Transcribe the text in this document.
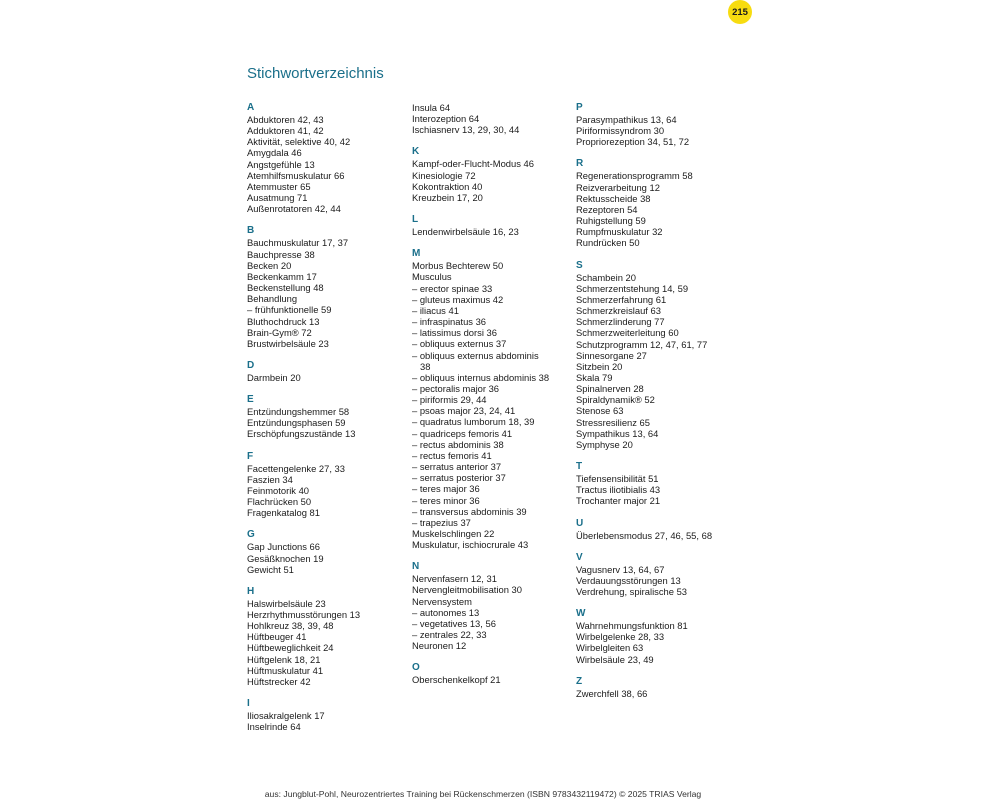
215
Stichwortverzeichnis
A
Abduktoren 42, 43
Adduktoren 41, 42
Aktivität, selektive 40, 42
Amygdala 46
Angstgefühle 13
Atemhilfsmuskulatur 66
Atemmuster 65
Ausatmung 71
Außenrotatoren 42, 44
B
Bauchmuskulatur 17, 37
Bauchpresse 38
Becken 20
Beckenkamm 17
Beckenstellung 48
Behandlung
– frühfunktionelle 59
Bluthochdruck 13
Brain-Gym® 72
Brustwirbelsäule 23
D
Darmbein 20
E
Entzündungshemmer 58
Entzündungsphasen 59
Erschöpfungszustände 13
F
Facettengelenke 27, 33
Faszien 34
Feinmotorik 40
Flachrücken 50
Fragenkatalog 81
G
Gap Junctions 66
Gesäßknochen 19
Gewicht 51
H
Halswirbelsäule 23
Herzrhythmusstörungen 13
Hohlkreuz 38, 39, 48
Hüftbeuger 41
Hüftbeweglichkeit 24
Hüftgelenk 18, 21
Hüftmuskulatur 41
Hüftstrecker 42
I
Iliosakralgelenk 17
Inselrinde 64
Insula 64
Interozeption 64
Ischiasnerv 13, 29, 30, 44
K
Kampf-oder-Flucht-Modus 46
Kinesiologie 72
Kokontraktion 40
Kreuzbein 17, 20
L
Lendenwirbelsäule 16, 23
M
Morbus Bechterew 50
Musculus
– erector spinae 33
– gluteus maximus 42
– iliacus 41
– infraspinatus 36
– latissimus dorsi 36
– obliquus externus 37
– obliquus externus abdominis
38
– obliquus internus abdominis 38
– pectoralis major 36
– piriformis 29, 44
– psoas major 23, 24, 41
– quadratus lumborum 18, 39
– quadriceps femoris 41
– rectus abdominis 38
– rectus femoris 41
– serratus anterior 37
– serratus posterior 37
– teres major 36
– teres minor 36
– transversus abdominis 39
– trapezius 37
Muskelschlingen 22
Muskulatur, ischiocrurale 43
N
Nervenfasern 12, 31
Nervengleitmobilisation 30
Nervensystem
– autonomes 13
– vegetatives 13, 56
– zentrales 22, 33
Neuronen 12
O
Oberschenkelkopf 21
P
Parasympathikus 13, 64
Piriformissyndrom 30
Propriorezeption 34, 51, 72
R
Regenerationsprogramm 58
Reizverarbeitung 12
Rektusscheide 38
Rezeptoren 54
Ruhigstellung 59
Rumpfmuskulatur 32
Rundrücken 50
S
Schambein 20
Schmerzentstehung 14, 59
Schmerzerfahrung 61
Schmerzkreislauf 63
Schmerzlinderung 77
Schmerzweiterleitung 60
Schutzprogramm 12, 47, 61, 77
Sinnesorgane 27
Sitzbein 20
Skala 79
Spinalnerven 28
Spiraldynamik® 52
Stenose 63
Stressresilienz 65
Sympathikus 13, 64
Symphyse 20
T
Tiefensensibilität 51
Tractus iliotibialis 43
Trochanter major 21
U
Überlebensmodus 27, 46, 55, 68
V
Vagusnerv 13, 64, 67
Verdauungsstörungen 13
Verdrehung, spiralische 53
W
Wahrnehmungsfunktion 81
Wirbelgelenke 28, 33
Wirbelgleiten 63
Wirbelsäule 23, 49
Z
Zwerchfell 38, 66
aus: Jungblut-Pohl, Neurozentriertes Training bei Rückenschmerzen (ISBN 9783432119472) © 2025 TRIAS Verlag
